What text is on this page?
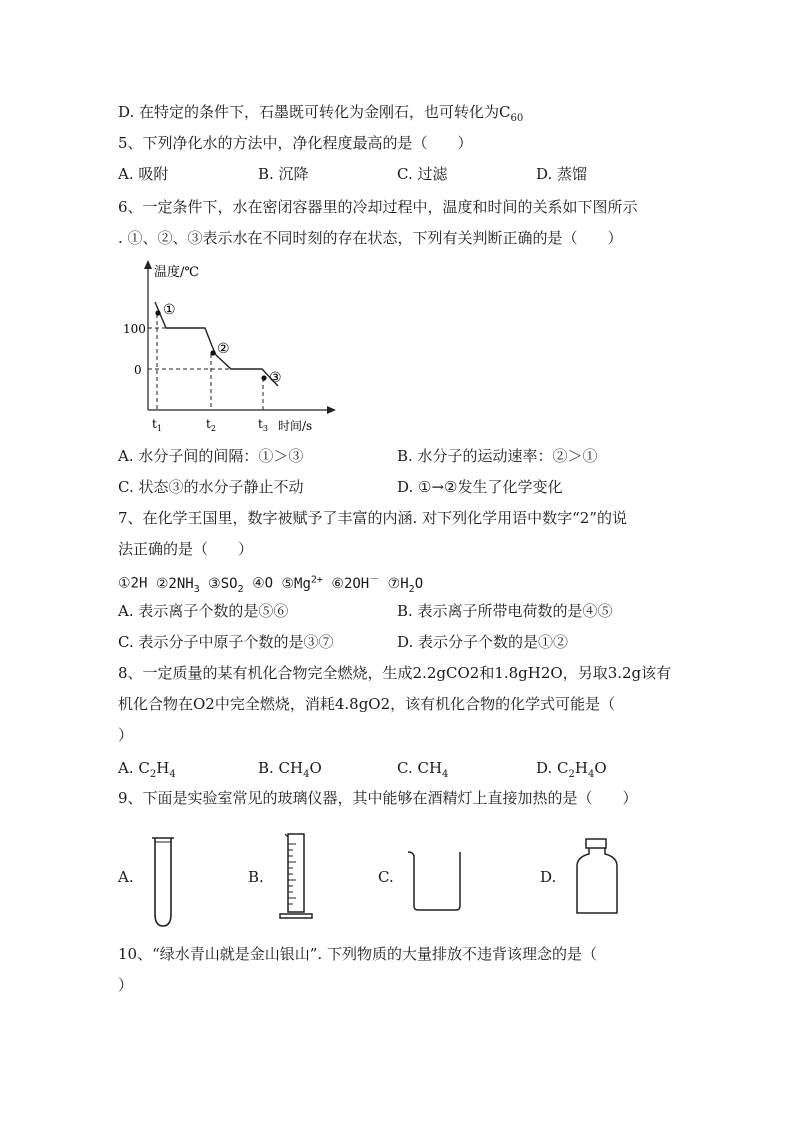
D. 在特定的条件下，石墨既可转化为金刚石，也可转化为$C_{60}$
5、下列净化水的方法中，净化程度最高的是（　　）
A. 吸附	B. 沉降	C. 过滤	D. 蒸馏
6、一定条件下，水在密闭容器里的冷却过程中，温度和时间的关系如下图所示
. ①、②、③表示水在不同时刻的存在状态，下列有关判断正确的是（　　）
温度/℃
时间/s
100
0
①
②
③
$t_1$	$t_2$	$t_3$
A. 水分子间的间隔：①＞③	B. 水分子的运动速率：②＞①
C. 状态③的水分子静止不动	D. ①→②发生了化学变化
7、在化学王国里，数字被赋予了丰富的内涵. 对下列化学用语中数字“2”的说
法正确的是（　　）
①2H $②2NH_3$ $③SO_2$ ④O $⑤Mg^{2+}$ ⑥2OH－ $⑦H_2O$
A. 表示离子个数的是⑤⑥	B. 表示离子所带电荷数的是④⑤
C. 表示分子中原子个数的是③⑦	D. 表示分子个数的是①②
8、一定质量的某有机化合物完全燃烧，生成2.2gCO2和1.8gH2O，另取3.2g该有
机化合物在O2中完全燃烧，消耗4.8gO2，该有机化合物的化学式可能是（
）
A. $C_2H_4$	B. $CH_4O$	C. $CH_4$	D. $C_2H_4O$
9、下面是实验室常见的玻璃仪器，其中能够在酒精灯上直接加热的是（　　）
A.	B.	C.	D.
10、“绿水青山就是金山银山”. 下列物质的大量排放不违背该理念的是（
）
